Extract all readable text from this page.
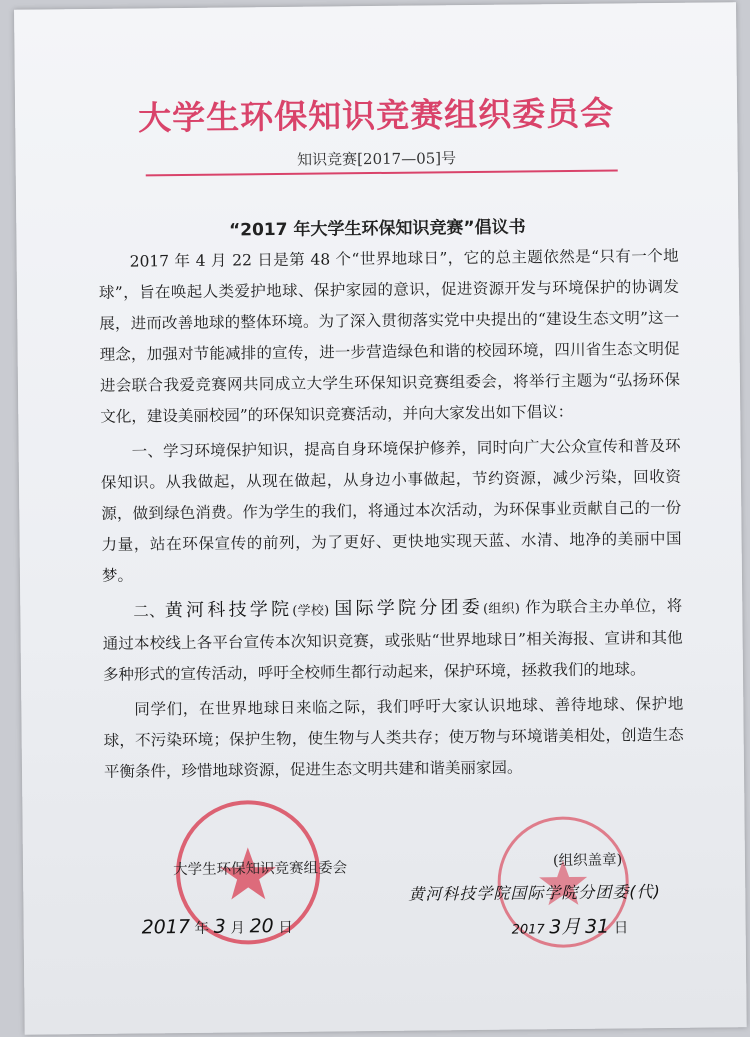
大学生环保知识竞赛组织委员会
知识竞赛[2017—05]号
“2017 年大学生环保知识竞赛”倡议书

2017 年 4 月 22 日是第 48 个“世界地球日”，它的总主题依然是“只有一个地球”，旨在唤起人类爱护地球、保护家园的意识，促进资源开发与环境保护的协调发展，进而改善地球的整体环境。为了深入贯彻落实党中央提出的“建设生态文明”这一理念，加强对节能减排的宣传，进一步营造绿色和谐的校园环境，四川省生态文明促进会联合我爱竞赛网共同成立大学生环保知识竞赛组委会，将举行主题为“弘扬环保文化，建设美丽校园”的环保知识竞赛活动，并向大家发出如下倡议：

一、学习环境保护知识，提高自身环境保护修养，同时向广大公众宣传和普及环保知识。从我做起，从现在做起，从身边小事做起，节约资源，减少污染，回收资源，做到绿色消费。作为学生的我们，将通过本次活动，为环保事业贡献自己的一份力量，站在环保宣传的前列，为了更好、更快地实现天蓝、水清、地净的美丽中国梦。

二、黄河科技学院(学校) 国际学院分团委(组织) 作为联合主办单位，将通过本校线上各平台宣传本次知识竞赛，或张贴“世界地球日”相关海报、宣讲和其他多种形式的宣传活动，呼吁全校师生都行动起来，保护环境，拯救我们的地球。

同学们，在世界地球日来临之际，我们呼吁大家认识地球、善待地球、保护地球，不污染环境；保护生物，使生物与人类共存；使万物与环境谐美相处，创造生态平衡条件，珍惜地球资源，促进生态文明共建和谐美丽家园。

大学生环保知识竞赛组委会
2017 年 3 月 20 日
(组织盖章)
黄河科技学院国际学院分团委(代)
2017 3月 31 日
